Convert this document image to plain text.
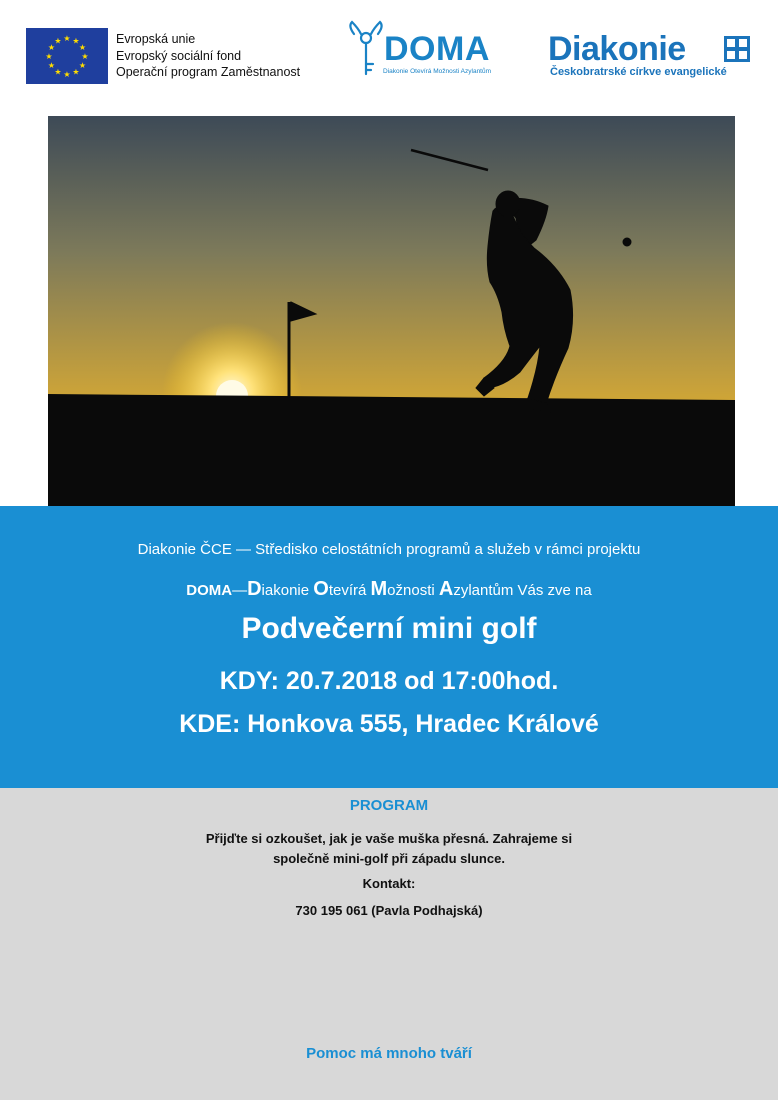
★ ★
★
★
★
★
★
★
★
★
★
★	Evropská unie
Evropský sociální fond
Operační program Zaměstnanost
DOMA
Diakonie Otevírá Možnosti Azylantům
Diakonie
Českobratrské církve evangelické
Diakonie ČCE — Středisko celostátních programů a služeb v rámci projektu
DOMA—Diakonie Otevírá Možnosti Azylantům Vás zve na
Podvečerní mini golf
KDY: 20.7.2018 od 17:00hod.
KDE: Honkova 555, Hradec Králové
PROGRAM
Přijďte si ozkoušet, jak je vaše muška přesná. Zahrajeme si
společně mini-golf při západu slunce.
Kontakt:
730 195 061 (Pavla Podhajská)
Pomoc má mnoho tváří
